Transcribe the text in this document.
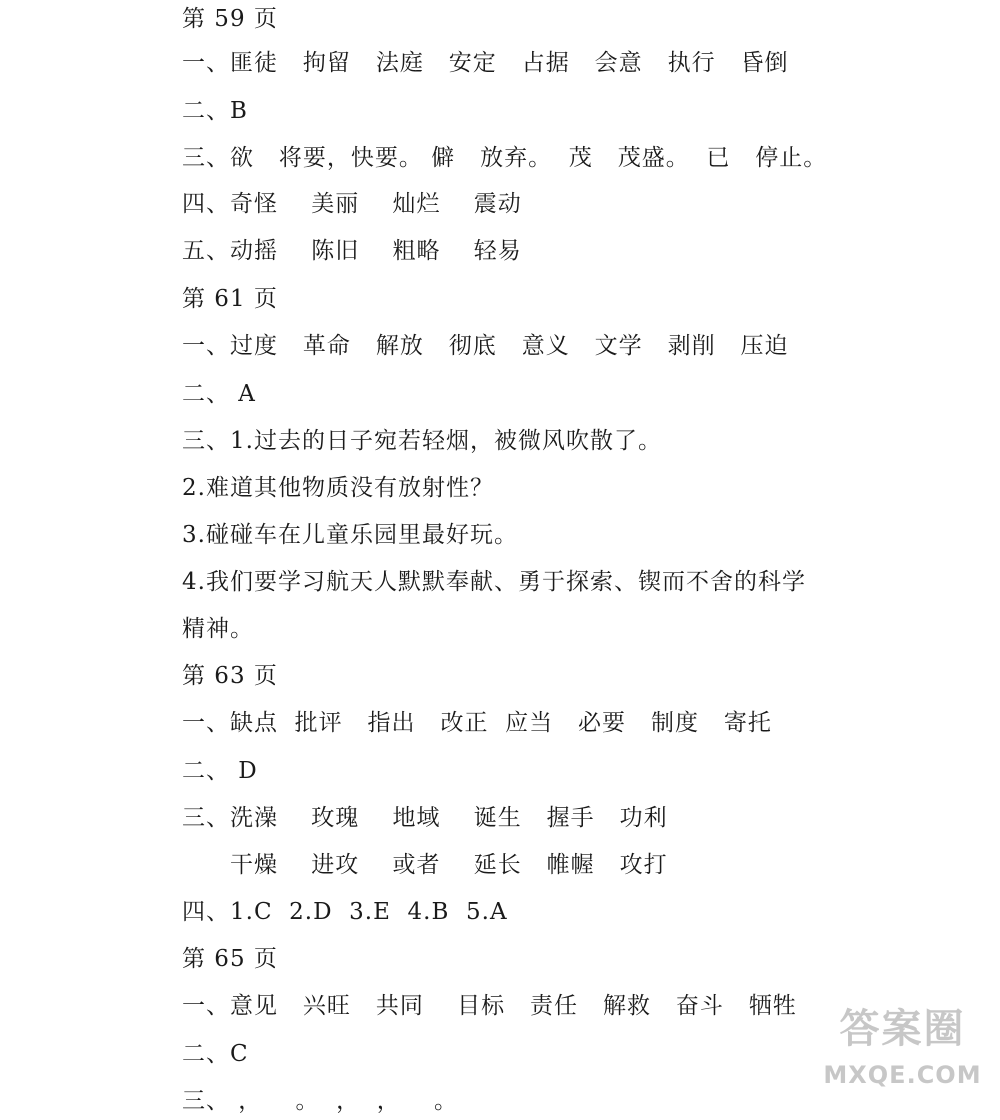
第 59 页
一、匪徒   拘留   法庭   安定   占据   会意   执行   昏倒
二、B
三、欲   将要，快要。 僻   放弃。  茂   茂盛。  已   停止。
四、奇怪    美丽    灿烂    震动
五、动摇    陈旧    粗略    轻易
第 61 页
一、过度   革命   解放   彻底   意义   文学   剥削   压迫
二、 A
三、1.过去的日子宛若轻烟，被微风吹散了。
2.难道其他物质没有放射性？
3.碰碰车在儿童乐园里最好玩。
4.我们要学习航天人默默奉献、勇于探索、锲而不舍的科学
精神。
第 63 页
一、缺点  批评   指出   改正  应当   必要   制度   寄托
二、 D
三、洗澡    玫瑰    地域    诞生   握手   功利
干燥    进攻    或者    延长   帷幄   攻打
四、1.C  2.D  3.E  4.B  5.A
第 65 页
一、意见   兴旺   共同    目标   责任   解救   奋斗   牺牲
二、C
三、 ，    。  ，  ，    。
答案圈
MXQE.COM
